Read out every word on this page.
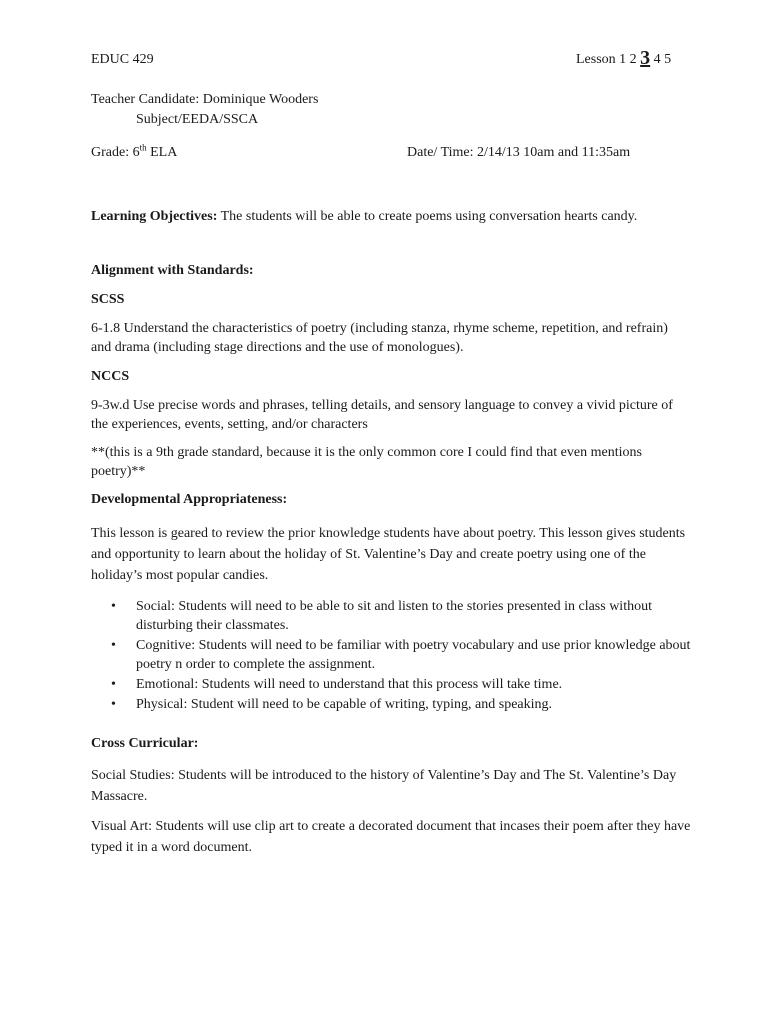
EDUC 429	Lesson 1 2 3 4 5
Teacher Candidate: Dominique Wooders
Subject/EEDA/SSCA
Grade: 6th ELA	Date/ Time: 2/14/13 10am and 11:35am
Learning Objectives: The students will be able to create poems using conversation hearts candy.
Alignment with Standards:
SCSS
6-1.8 Understand the characteristics of poetry (including stanza, rhyme scheme, repetition, and refrain) and drama (including stage directions and the use of monologues).
NCCS
9-3w.d Use precise words and phrases, telling details, and sensory language to convey a vivid picture of the experiences, events, setting, and/or characters
**(this is a 9th grade standard, because it is the only common core I could find that even mentions poetry)**
Developmental Appropriateness:
This lesson is geared to review the prior knowledge students have about poetry. This lesson gives students and opportunity to learn about the holiday of St. Valentine’s Day and create poetry using one of the holiday’s most popular candies.
• Social: Students will need to be able to sit and listen to the stories presented in class without disturbing their classmates.
• Cognitive: Students will need to be familiar with poetry vocabulary and use prior knowledge about poetry n order to complete the assignment.
• Emotional: Students will need to understand that this process will take time.
• Physical: Student will need to be capable of writing, typing, and speaking.
Cross Curricular:
Social Studies: Students will be introduced to the history of Valentine’s Day and The St. Valentine’s Day Massacre.
Visual Art: Students will use clip art to create a decorated document that incases their poem after they have typed it in a word document.
